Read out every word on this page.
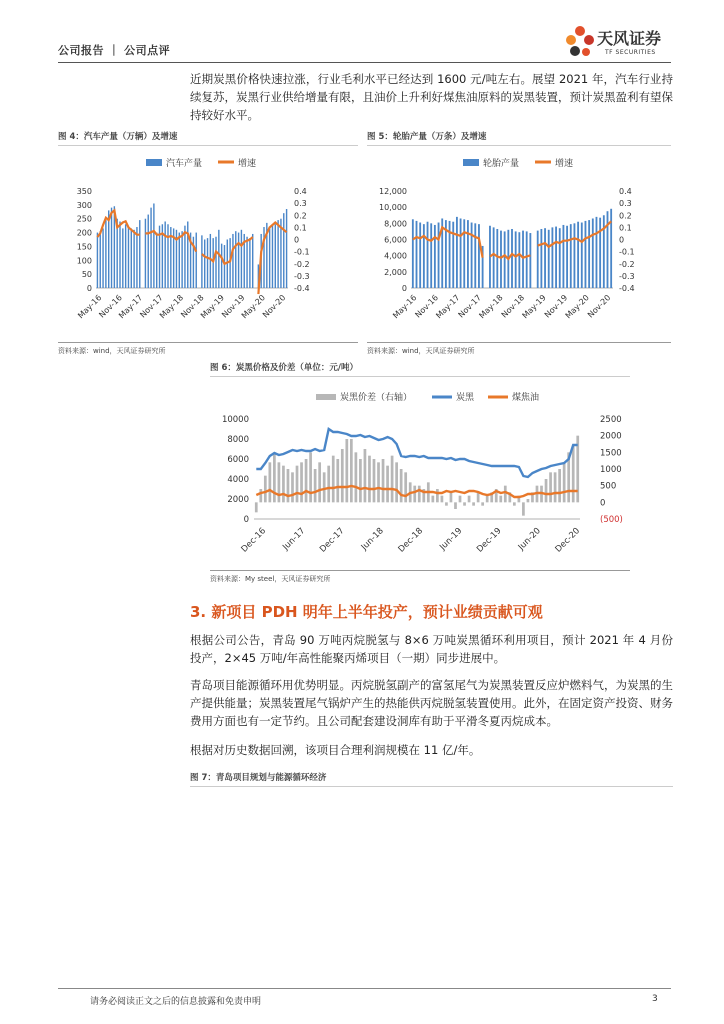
公司报告 ｜ 公司点评
天风证券
TF SECURITIES
近期炭黑价格快速拉涨，行业毛利水平已经达到 1600 元/吨左右。展望 2021 年，汽车行业持续复苏，炭黑行业供给增量有限，且油价上升利好煤焦油原料的炭黑装置，预计炭黑盈利有望保持较好水平。
图 4：汽车产量（万辆）及增速
汽车产量	增速
350
300
250
200
150
100
50
0
0.4
0.3
0.2
0.1
0
-0.1
-0.2
-0.3
-0.4
May-16
Nov-16
May-17
Nov-17
May-18
Nov-18
May-19
Nov-19
May-20
Nov-20
资料来源：wind，天风证券研究所
图 5：轮胎产量（万条）及增速
轮胎产量	增速
12,000
10,000
8,000
6,000
4,000
2,000
0
0.4
0.3
0.2
0.1
0
-0.1
-0.2
-0.3
-0.4
May-16
Nov-16
May-17
Nov-17
May-18
Nov-18
May-19
Nov-19
May-20
Nov-20
资料来源：wind，天风证券研究所
图 6：炭黑价格及价差（单位：元/吨）
炭黑价差（右轴）	炭黑	煤焦油
10000
8000
6000
4000
2000
0
2500
2000
1500
1000
500
0
(500)
Dec-16 Jun-17 Dec-17 Jun-18 Dec-18 Jun-19 Dec-19 Jun-20 Dec-20
资料来源：My steel，天风证券研究所
3. 新项目 PDH 明年上半年投产，预计业绩贡献可观
根据公司公告，青岛 90 万吨丙烷脱氢与 8×6 万吨炭黑循环利用项目，预计 2021 年 4 月份投产，2×45 万吨/年高性能聚丙烯项目（一期）同步进展中。
青岛项目能源循环用优势明显。丙烷脱氢副产的富氢尾气为炭黑装置反应炉燃料气，为炭黑的生产提供能量；炭黑装置尾气锅炉产生的热能供丙烷脱氢装置使用。此外，在固定资产投资、财务费用方面也有一定节约。且公司配套建设洞库有助于平滑冬夏丙烷成本。
根据对历史数据回溯，该项目合理利润规模在 11 亿/年。
图 7：青岛项目规划与能源循环经济
请务必阅读正文之后的信息披露和免责申明	3
